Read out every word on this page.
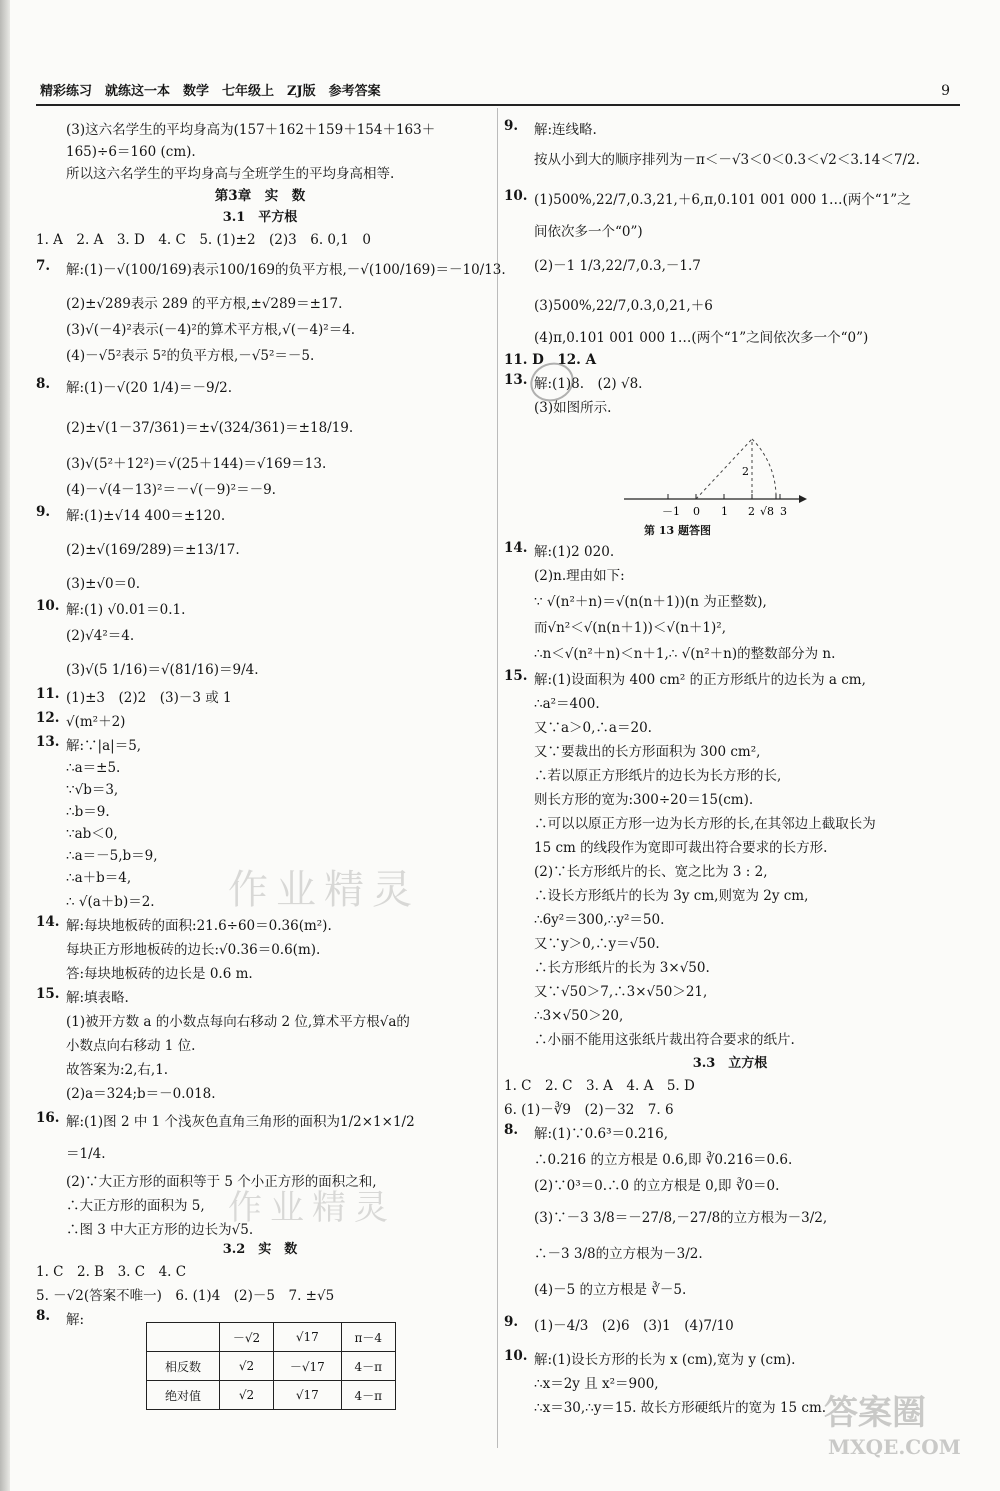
精彩练习　就练这一本　数学　七年级上　ZJ版　参考答案	9
(3)这六名学生的平均身高为(157＋162＋159＋154＋163＋
165)÷6＝160 (cm).
所以这六名学生的平均身高与全班学生的平均身高相等.
第3章　实　数
3.1　平方根
1. A　2. A　3. D　4. C　5. (1)±2　(2)3　6. 0,1　0
7.	解:(1)－√(100/169)表示100/169的负平方根,－√(100/169)＝－10/13.
(2)±√289表示 289 的平方根,±√289＝±17.
(3)√(－4)²表示(－4)²的算术平方根,√(－4)²＝4.
(4)－√5²表示 5²的负平方根,－√5²＝－5.
8.	解:(1)－√(20 1/4)＝－9/2.
(2)±√(1－37/361)＝±√(324/361)＝±18/19.
(3)√(5²＋12²)＝√(25＋144)＝√169＝13.
(4)－√(4－13)²＝－√(－9)²＝－9.
9.	解:(1)±√14 400＝±120.
(2)±√(169/289)＝±13/17.
(3)±√0＝0.
10. 解:(1) √0.01＝0.1.
(2)√4²＝4.
(3)√(5 1/16)＝√(81/16)＝9/4.
11. (1)±3　(2)2　(3)－3 或 1
12. √(m²＋2)
13. 解:∵|a|＝5,
∴a＝±5.
∵√b＝3,
∴b＝9.
∵ab＜0,
∴a＝－5,b＝9,
∴a＋b＝4,
∴ √(a＋b)＝2.
14. 解:每块地板砖的面积:21.6÷60＝0.36(m²).
每块正方形地板砖的边长:√0.36＝0.6(m).
答:每块地板砖的边长是 0.6 m.
15. 解:填表略.
(1)被开方数 a 的小数点每向右移动 2 位,算术平方根√a的
小数点向右移动 1 位.
故答案为:2,右,1.
(2)a＝324;b＝－0.018.
16. 解:(1)图 2 中 1 个浅灰色直角三角形的面积为1/2×1×1/2
＝1/4.
(2)∵大正方形的面积等于 5 个小正方形的面积之和,
∴大正方形的面积为 5,
∴图 3 中大正方形的边长为√5.
3.2　实　数
1. C　2. B　3. C　4. C
5. －√2(答案不唯一)　6. (1)4　(2)－5　7. ±√5
8.	解:
	－√2	√17	π－4
相反数	√2	－√17	4－π
绝对值	√2	√17	4－π
9.	解:连线略.
按从小到大的顺序排列为－π＜－√3＜0＜0.3＜√2＜3.14＜7/2.
10. (1)500%,22/7,0.3,21,＋6,π,0.101 001 000 1…(两个“1”之
间依次多一个“0”)
(2)－1 1/3,22/7,0.3,－1.7
(3)500%,22/7,0.3,0,21,＋6
(4)π,0.101 001 000 1…(两个“1”之间依次多一个“0”)
11. D　12. A
13. 解:(1)8.　(2) √8.
(3)如图所示.
－1 0 1 2 √8 3
2
第 13 题答图
14. 解:(1)2 020.
(2)n.理由如下:
∵ √(n²＋n)＝√(n(n＋1))(n 为正整数),
而√n²＜√(n(n＋1))＜√(n＋1)²,
∴n＜√(n²＋n)＜n＋1,∴ √(n²＋n)的整数部分为 n.
15. 解:(1)设面积为 400 cm² 的正方形纸片的边长为 a cm,
∴a²＝400.
又∵a＞0,∴a＝20.
又∵要裁出的长方形面积为 300 cm²,
∴若以原正方形纸片的边长为长方形的长,
则长方形的宽为:300÷20＝15(cm).
∴可以以原正方形一边为长方形的长,在其邻边上截取长为
15 cm 的线段作为宽即可裁出符合要求的长方形.
(2)∵长方形纸片的长、宽之比为 3 : 2,
∴设长方形纸片的长为 3y cm,则宽为 2y cm,
∴6y²＝300,∴y²＝50.
又∵y＞0,∴y＝√50.
∴长方形纸片的长为 3×√50.
又∵√50＞7,∴3×√50＞21,
∴3×√50＞20,
∴小丽不能用这张纸片裁出符合要求的纸片.
3.3　立方根
1. C　2. C　3. A　4. A　5. D
6. (1)－∛9　(2)－32　7. 6
8.	解:(1)∵0.6³＝0.216,
∴0.216 的立方根是 0.6,即 ∛0.216＝0.6.
(2)∵0³＝0.∴0 的立方根是 0,即 ∛0＝0.
(3)∵－3 3/8＝－27/8,－27/8的立方根为－3/2,
∴－3 3/8的立方根为－3/2.
(4)－5 的立方根是 ∛－5.
9.	(1)－4/3　(2)6　(3)1　(4)7/10
10. 解:(1)设长方形的长为 x (cm),宽为 y (cm).
∴x＝2y 且 x²＝900,
∴x＝30,∴y＝15. 故长方形硬纸片的宽为 15 cm.
作业精灵
作业精灵
答案圈
MXQE.COM
